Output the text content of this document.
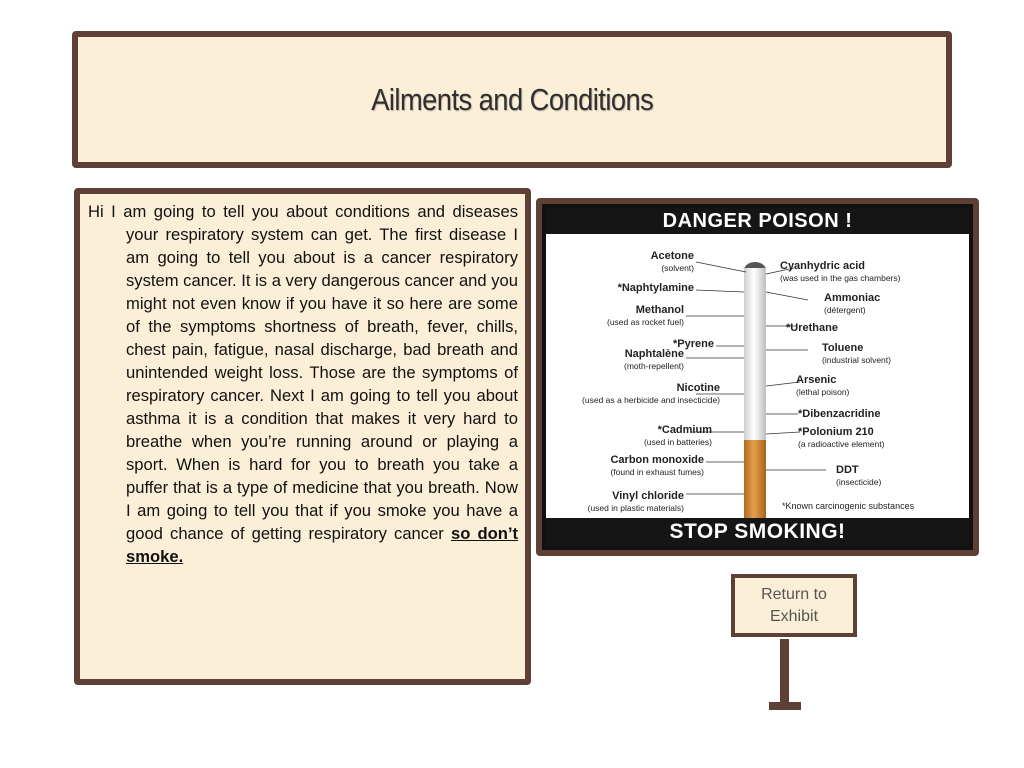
Ailments and Conditions

Hi I am going to tell you about conditions and diseases your respiratory system can get. The first disease I am going to tell you about is a cancer respiratory system cancer. It is a very dangerous cancer and you might not even know if you have it so here are some of the symptoms shortness of breath, fever, chills, chest pain, fatigue, nasal discharge, bad breath and unintended weight loss. Those are the symptoms of respiratory cancer. Next I am going to tell you about asthma it is a condition that makes it very hard to breathe when you’re running around or playing a sport. When is hard for you to breath you take a puffer that is a type of medicine that you breath. Now I am going to tell you that if you smoke you have a good chance of getting respiratory cancer so don’t smoke.

DANGER POISON !
Acetone
(solvent)
*Naphtylamine
Methanol
(used as rocket fuel)
*Pyrene
Naphtalène
(moth-repellent)
Nicotine
(used as a herbicide and insecticide)
*Cadmium
(used in batteries)
Carbon monoxide
(found in exhaust fumes)
Vinyl chloride
(used in plastic materials)
Cyanhydric acid
(was used in the gas chambers)
Ammoniac
(détergent)
*Urethane
Toluene
(industrial solvent)
Arsenic
(lethal poison)
*Dibenzacridine
*Polonium 210
(a radioactive element)
DDT
(insecticide)
*Known carcinogenic substances
STOP SMOKING!
Return to Exhibit
